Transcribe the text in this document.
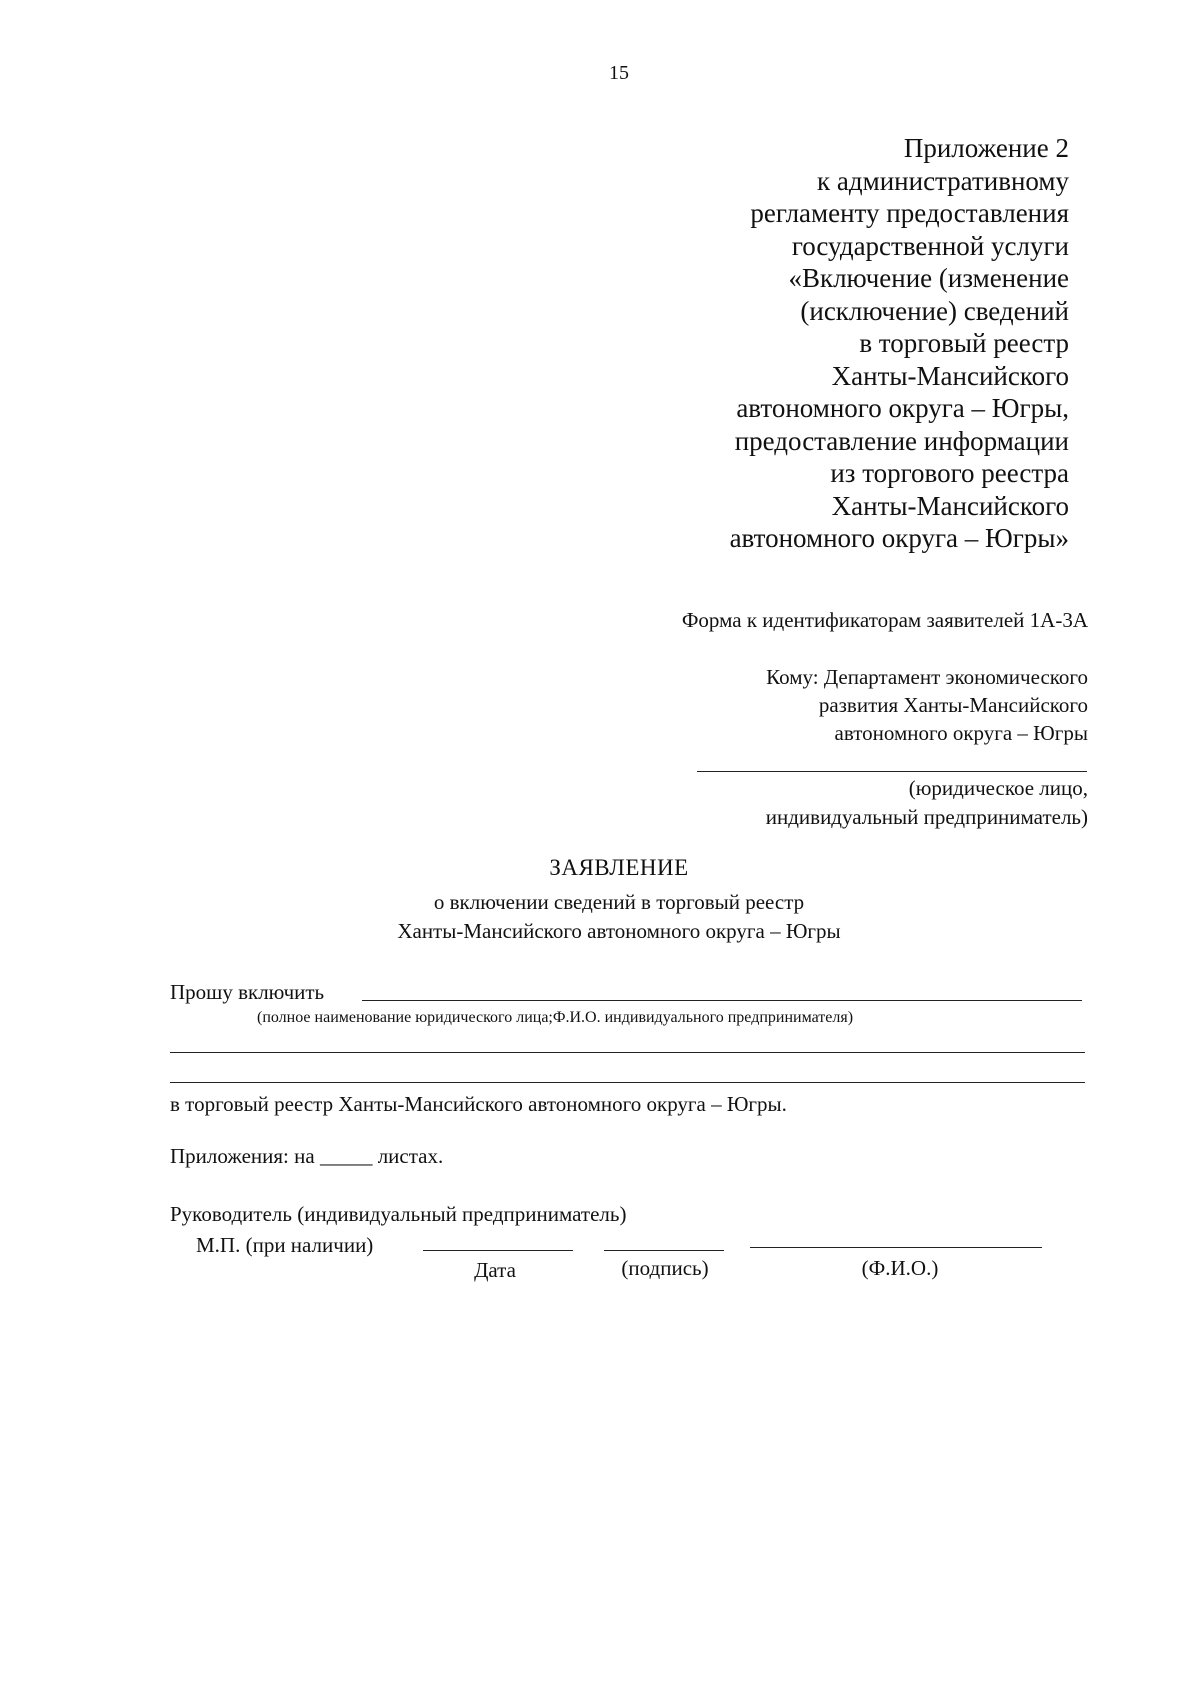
15
Приложение 2
к административному
регламенту предоставления
государственной услуги
«Включение (изменение
(исключение) сведений
в торговый реестр
Ханты-Мансийского
автономного округа – Югры,
предоставление информации
из торгового реестра
Ханты-Мансийского
автономного округа – Югры»
Форма к идентификаторам заявителей 1А-3А
Кому: Департамент экономического
развития Ханты-Мансийского
автономного округа – Югры
(юридическое лицо,
индивидуальный предприниматель)
ЗАЯВЛЕНИЕ
о включении сведений в торговый реестр
Ханты-Мансийского автономного округа – Югры
Прошу включить
(полное наименование юридического лица;Ф.И.О. индивидуального предпринимателя)
в торговый реестр Ханты-Мансийского автономного округа – Югры.
Приложения: на _____ листах.
Руководитель (индивидуальный предприниматель)
М.П. (при наличии)
Дата	(подпись)	(Ф.И.О.)
